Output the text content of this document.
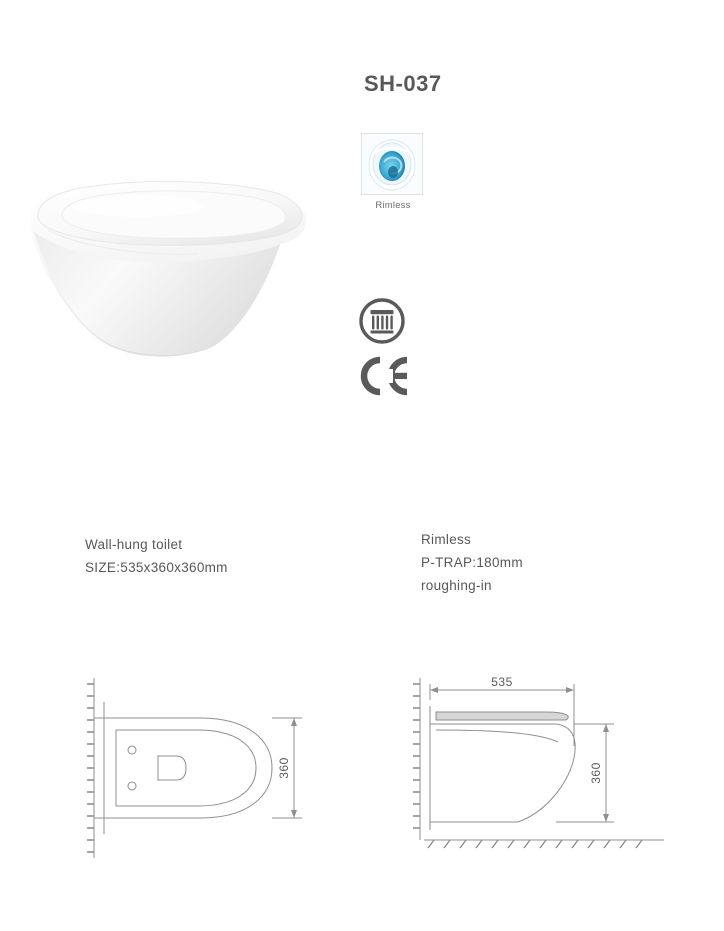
SH-037
Rimless
Wall-hung toilet
SIZE:535x360x360mm
Rimless
P-TRAP:180mm
roughing-in
360
535
360
